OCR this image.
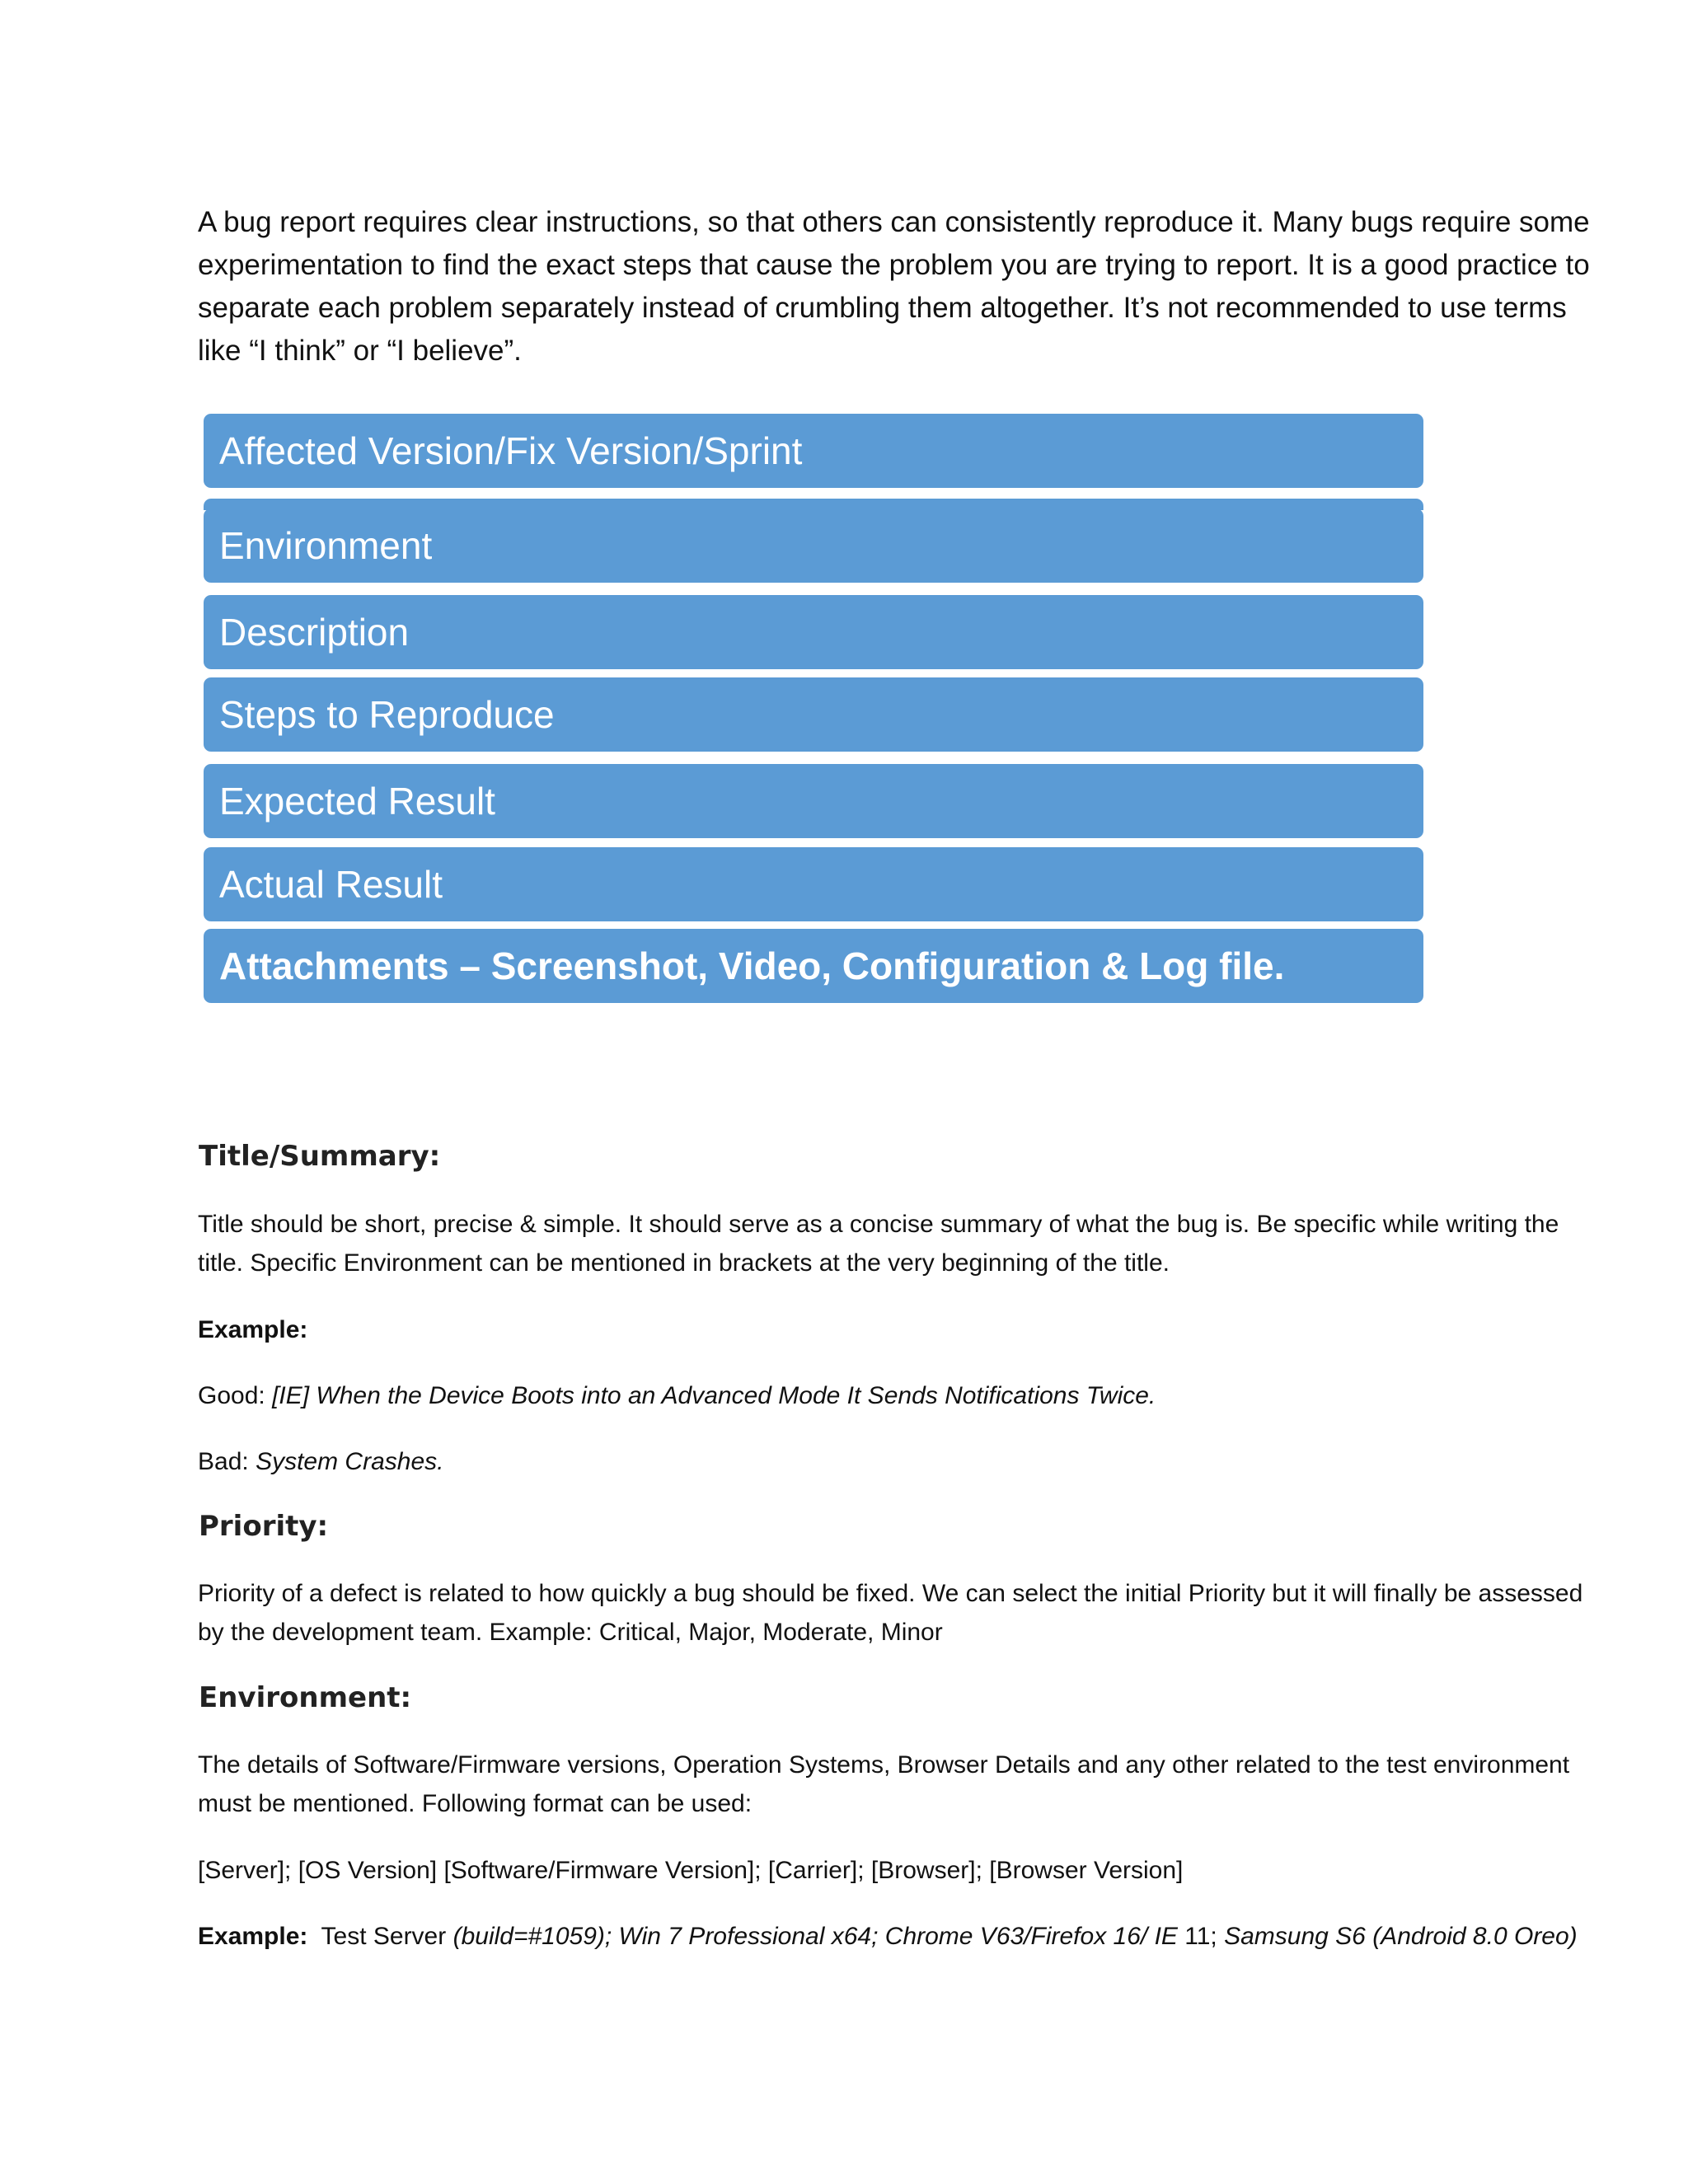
A bug report requires clear instructions, so that others can consistently reproduce it. Many bugs require some experimentation to find the exact steps that cause the problem you are trying to report. It is a good practice to separate each problem separately instead of crumbling them altogether. It’s not recommended to use terms like “I think” or “I believe”.

Affected Version/Fix Version/Sprint
Environment
Description
Steps to Reproduce
Expected Result
Actual Result
Attachments – Screenshot, Video, Configuration & Log file.
Title/Summary:

Title should be short, precise & simple. It should serve as a concise summary of what the bug is. Be specific while writing the title. Specific Environment can be mentioned in brackets at the very beginning of the title.

Example:

Good: [IE] When the Device Boots into an Advanced Mode It Sends Notifications Twice.

Bad: System Crashes.

Priority:

Priority of a defect is related to how quickly a bug should be fixed. We can select the initial Priority but it will finally be assessed by the development team. Example: Critical, Major, Moderate, Minor

Environment:

The details of Software/Firmware versions, Operation Systems, Browser Details and any other related to the test environment must be mentioned. Following format can be used:

[Server]; [OS Version] [Software/Firmware Version]; [Carrier]; [Browser]; [Browser Version]

Example:  Test Server (build=#1059); Win 7 Professional x64; Chrome V63/Firefox 16/ IE 11; Samsung S6 (Android 8.0 Oreo)
